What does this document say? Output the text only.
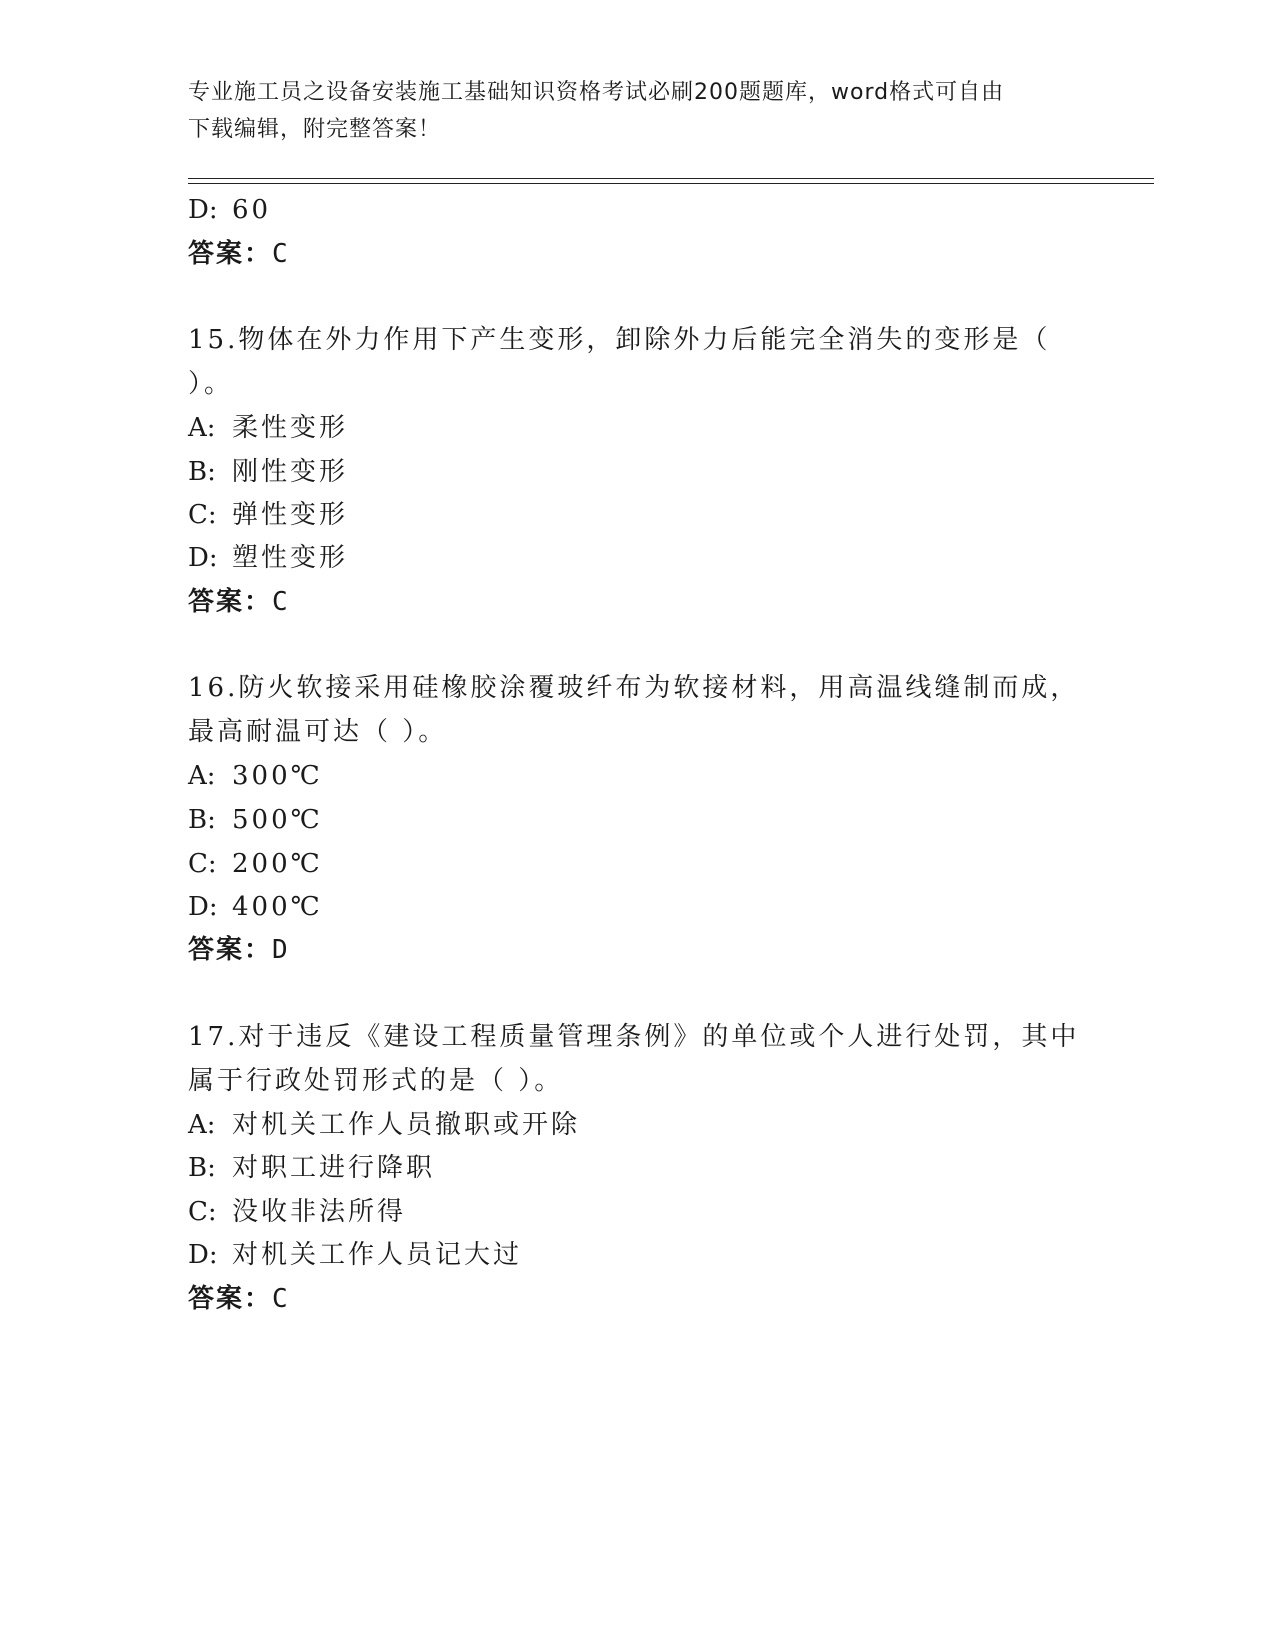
专业施工员之设备安装施工基础知识资格考试必刷200题题库，word格式可自由
下载编辑，附完整答案！
D: 60
答案：C
15.物体在外力作用下产生变形，卸除外力后能完全消失的变形是（
）。
A: 柔性变形
B: 刚性变形
C: 弹性变形
D: 塑性变形
答案：C
16.防火软接采用硅橡胶涂覆玻纤布为软接材料，用高温线缝制而成，
最高耐温可达（ ）。
A: 300℃
B: 500℃
C: 200℃
D: 400℃
答案：D
17.对于违反《建设工程质量管理条例》的单位或个人进行处罚，其中
属于行政处罚形式的是（ ）。
A: 对机关工作人员撤职或开除
B: 对职工进行降职
C: 没收非法所得
D: 对机关工作人员记大过
答案：C
